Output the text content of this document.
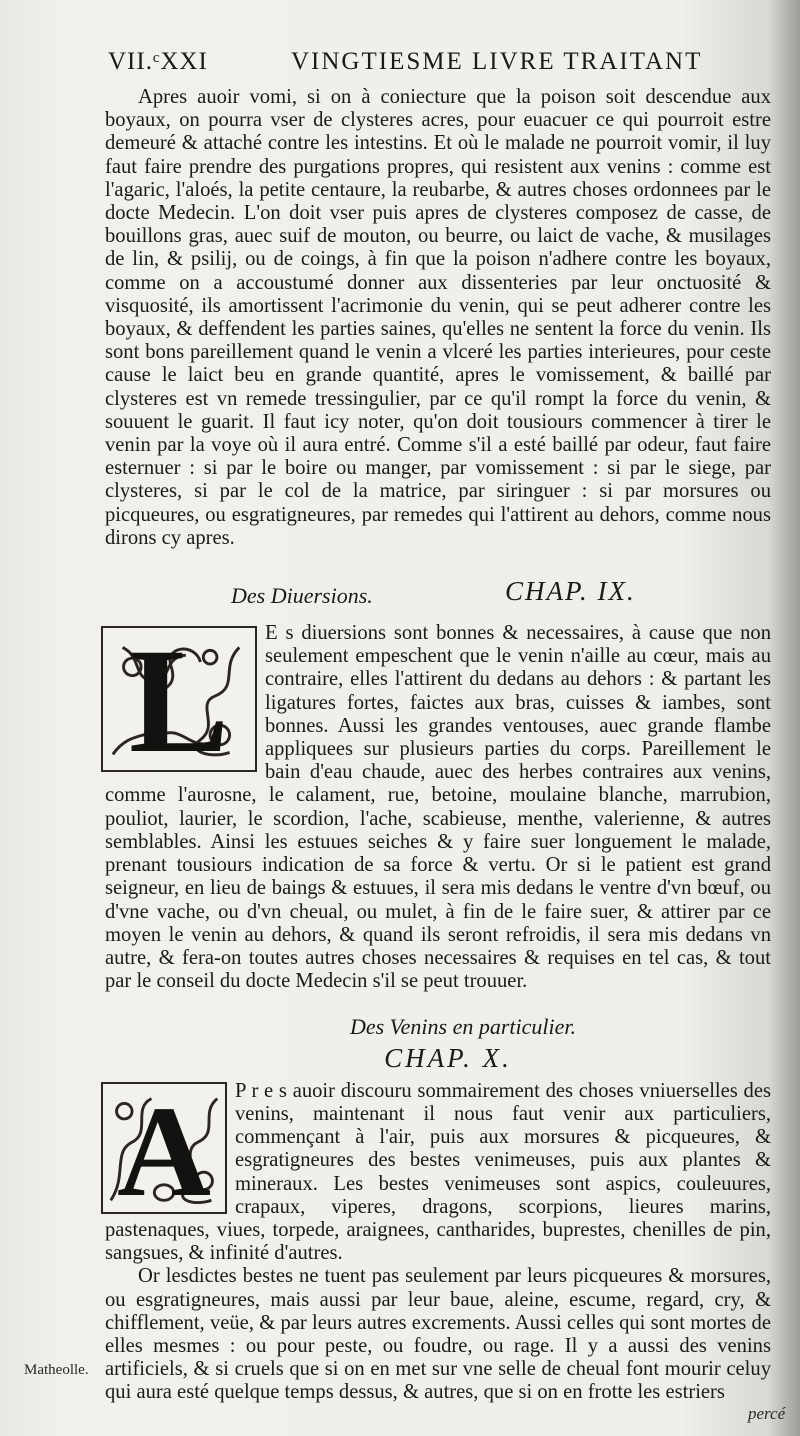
VII.ᶜXXI	VINGTIESME LIVRE TRAITANT

Apres auoir vomi, si on à coniecture que la poison soit descendue aux boyaux, on pourra vser de clysteres acres, pour euacuer ce qui pourroit estre demeuré & attaché contre les intestins. Et où le malade ne pourroit vomir, il luy faut faire prendre des purgations propres, qui resistent aux venins : comme est l'agaric, l'aloés, la petite centaure, la reubarbe, & autres choses ordonnees par le docte Medecin. L'on doit vser puis apres de clysteres composez de casse, de bouillons gras, auec suif de mouton, ou beurre, ou laict de vache, & musilages de lin, & psilij, ou de coings, à fin que la poison n'adhere contre les boyaux, comme on a accoustumé donner aux dissenteries par leur onctuosité & visquosité, ils amortissent l'acrimonie du venin, qui se peut adherer contre les boyaux, & deffendent les parties saines, qu'elles ne sentent la force du venin. Ils sont bons pareillement quand le venin a vlceré les parties interieures, pour ceste cause le laict beu en grande quantité, apres le vomissement, & baillé par clysteres est vn remede tressingulier, par ce qu'il rompt la force du venin, & souuent le guarit. Il faut icy noter, qu'on doit tousiours commencer à tirer le venin par la voye où il aura entré. Comme s'il a esté baillé par odeur, faut faire esternuer : si par le boire ou manger, par vomissement : si par le siege, par clysteres, si par le col de la matrice, par siringuer : si par morsures ou picqueures, ou esgratigneures, par remedes qui l'attirent au dehors, comme nous dirons cy apres.

Des Diuersions.	CHAP. IX.
L	E s diuersions sont bonnes & necessaires, à cause que non seulement empeschent que le venin n'aille au cœur, mais au contraire, elles l'attirent du dedans au dehors : & partant les ligatures fortes, faictes aux bras, cuisses & iambes, sont bonnes. Aussi les grandes ventouses, auec grande flambe appliquees sur plusieurs parties du corps. Pareillement le bain d'eau chaude, auec des herbes contraires aux venins, comme l'aurosne, le calament, rue, betoine, moulaine blanche, marrubion, pouliot, laurier, le scordion, l'ache, scabieuse, menthe, valerienne, & autres semblables. Ainsi les estuues seiches & y faire suer longuement le malade, prenant tousiours indication de sa force & vertu. Or si le patient est grand seigneur, en lieu de baings & estuues, il sera mis dedans le ventre d'vn bœuf, ou d'vne vache, ou d'vn cheual, ou mulet, à fin de le faire suer, & attirer par ce moyen le venin au dehors, & quand ils seront refroidis, il sera mis dedans vn autre, & fera-on toutes autres choses necessaires & requises en tel cas, & tout par le conseil du docte Medecin s'il se peut trouuer.

Des Venins en particulier.
CHAP. X.
A	P r e s auoir discouru sommairement des choses vniuerselles des venins, maintenant il nous faut venir aux particuliers, commençant à l'air, puis aux morsures & picqueures, & esgratigneures des bestes venimeuses, puis aux plantes & mineraux. Les bestes venimeuses sont aspics, couleuures, crapaux, viperes, dragons, scorpions, lieures marins, pastenaques, viues, torpede, araignees, cantharides, buprestes, chenilles de pin, sangsues, & infinité d'autres.

Or lesdictes bestes ne tuent pas seulement par leurs picqueures & morsures, ou esgratigneures, mais aussi par leur baue, aleine, escume, regard, cry, & chifflement, veüe, & par leurs autres excrements. Aussi celles qui sont mortes de elles mesmes : ou pour peste, ou foudre, ou rage. Il y a aussi des venins artificiels, & si cruels que si on en met sur vne selle de cheual font mourir celuy qui aura esté quelque temps dessus, & autres, que si on en frotte les estriers

Matheolle.
percé
